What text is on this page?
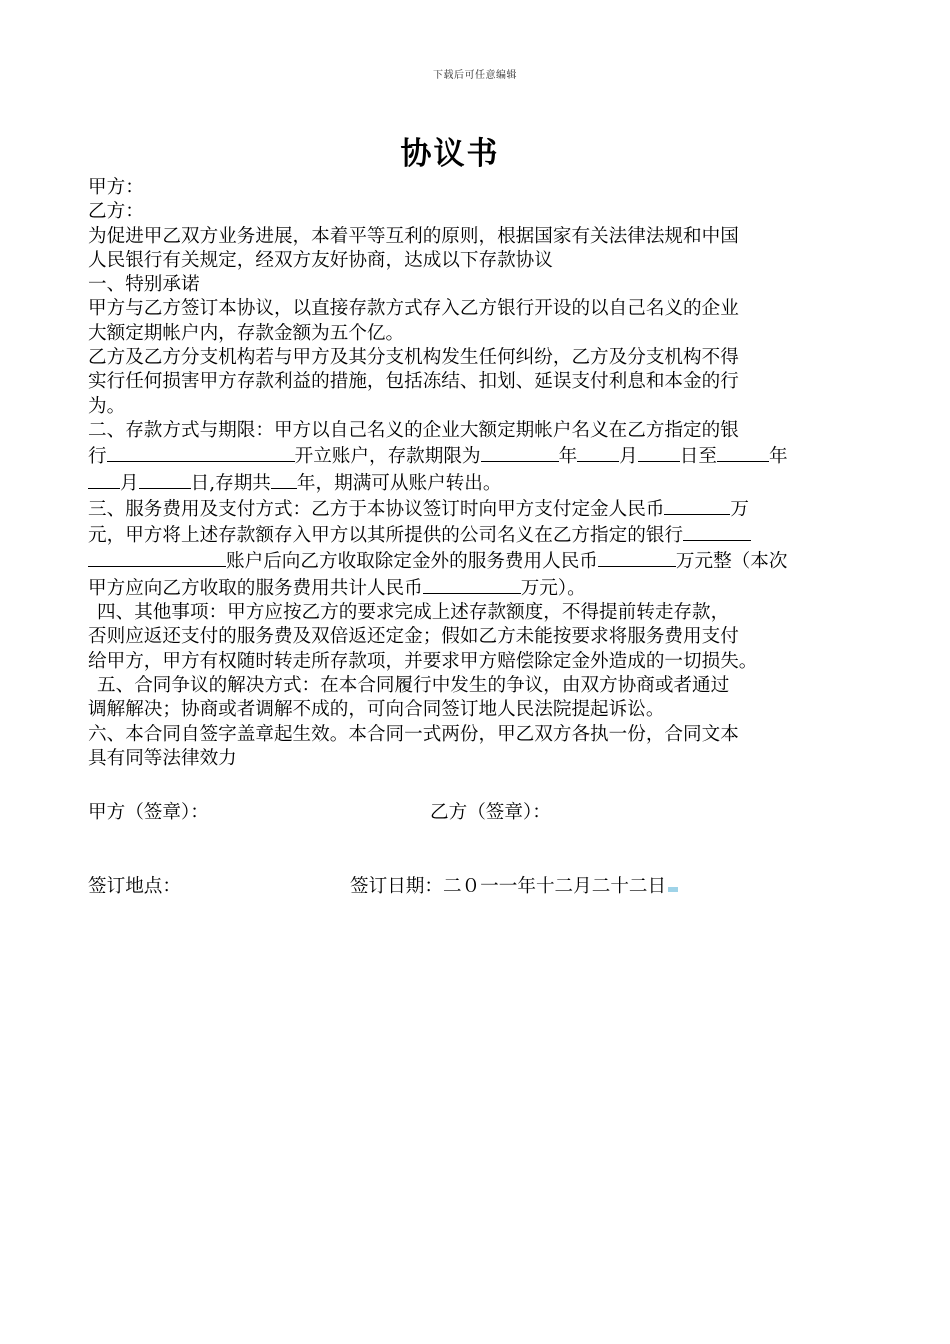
下载后可任意编辑
协议书

甲方：

乙方：

为促进甲乙双方业务进展，本着平等互利的原则，根据国家有关法律法规和中国

人民银行有关规定，经双方友好协商，达成以下存款协议

一、特别承诺

甲方与乙方签订本协议，以直接存款方式存入乙方银行开设的以自己名义的企业

大额定期帐户内，存款金额为五个亿。

乙方及乙方分支机构若与甲方及其分支机构发生任何纠纷，乙方及分支机构不得

实行任何损害甲方存款利益的措施，包括冻结、扣划、延误支付利息和本金的行

为。

二、存款方式与期限：甲方以自己名义的企业大额定期帐户名义在乙方指定的银

行	开立账户，存款期限为	年 月 日至	年

月	日,存期共 年，期满可从账户转出。

三、服务费用及支付方式：乙方于本协议签订时向甲方支付定金人民币	万

元，甲方将上述存款额存入甲方以其所提供的公司名义在乙方指定的银行

账户后向乙方收取除定金外的服务费用人民币	万元整（本次

甲方应向乙方收取的服务费用共计人民币	万元）。

四、其他事项：甲方应按乙方的要求完成上述存款额度，不得提前转走存款，

否则应返还支付的服务费及双倍返还定金；假如乙方未能按要求将服务费用支付

给甲方，甲方有权随时转走所存款项，并要求甲方赔偿除定金外造成的一切损失。

五、合同争议的解决方式：在本合同履行中发生的争议，由双方协商或者通过

调解解决；协商或者调解不成的，可向合同签订地人民法院提起诉讼。

六、本合同自签字盖章起生效。本合同一式两份，甲乙双方各执一份，合同文本

具有同等法律效力

甲方（签章）：	乙方（签章）：
签订地点：	签订日期：二０一一年十二月二十二日
